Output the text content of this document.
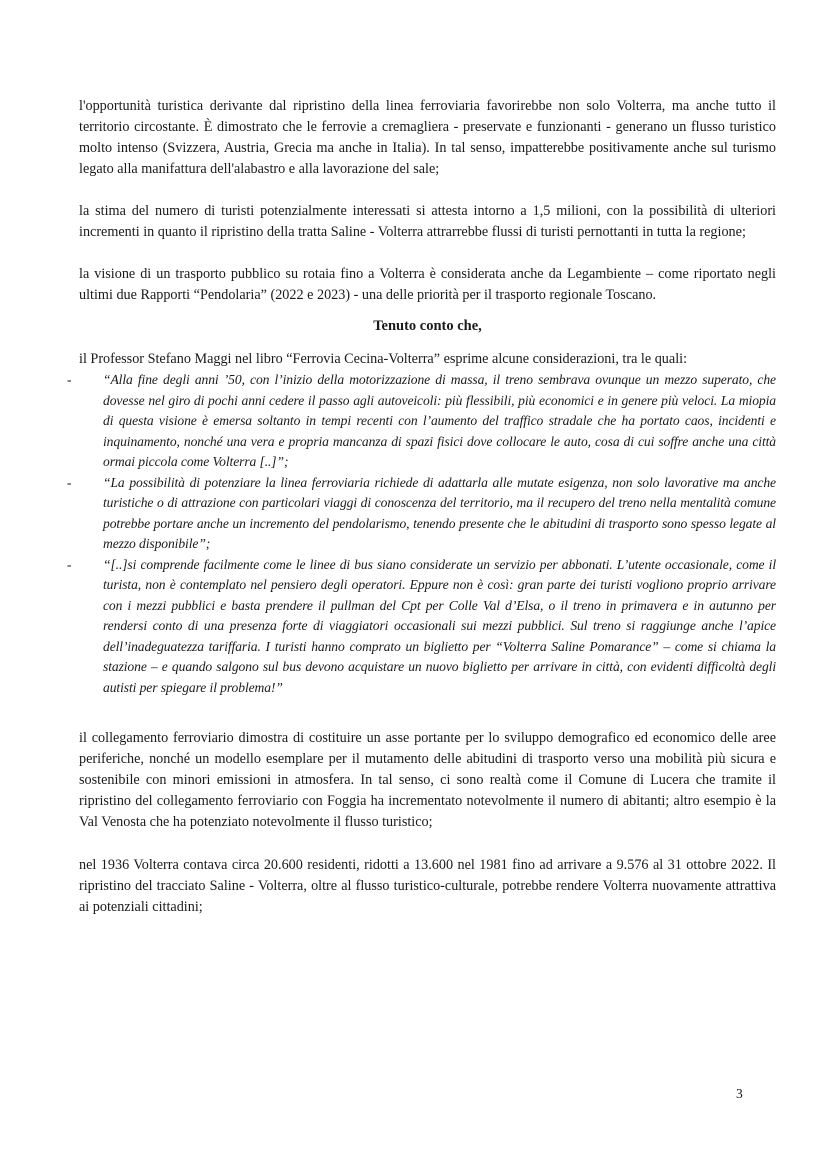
l'opportunità turistica derivante dal ripristino della linea ferroviaria favorirebbe non solo Volterra, ma anche tutto il territorio circostante. È dimostrato che le ferrovie a cremagliera - preservate e funzionanti - generano un flusso turistico molto intenso (Svizzera, Austria, Grecia ma anche in Italia). In tal senso, impatterebbe positivamente anche sul turismo legato alla manifattura dell'alabastro e alla lavorazione del sale;

la stima del numero di turisti potenzialmente interessati si attesta intorno a 1,5 milioni, con la possibilità di ulteriori incrementi in quanto il ripristino della tratta Saline - Volterra attrarrebbe flussi di turisti pernottanti in tutta la regione;

la visione di un trasporto pubblico su rotaia fino a Volterra è considerata anche da Legambiente – come riportato negli ultimi due Rapporti “Pendolaria” (2022 e 2023) - una delle priorità per il trasporto regionale Toscano.

Tenuto conto che,

il Professor Stefano Maggi nel libro “Ferrovia Cecina-Volterra” esprime alcune considerazioni, tra le quali:

- “Alla fine degli anni ’50, con l’inizio della motorizzazione di massa, il treno sembrava ovunque un mezzo superato, che dovesse nel giro di pochi anni cedere il passo agli autoveicoli: più flessibili, più economici e in genere più veloci. La miopia di questa visione è emersa soltanto in tempi recenti con l’aumento del traffico stradale che ha portato caos, incidenti e inquinamento, nonché una vera e propria mancanza di spazi fisici dove collocare le auto, cosa di cui soffre anche una città ormai piccola come Volterra [..]”;
- “La possibilità di potenziare la linea ferroviaria richiede di adattarla alle mutate esigenza, non solo lavorative ma anche turistiche o di attrazione con particolari viaggi di conoscenza del territorio, ma il recupero del treno nella mentalità comune potrebbe portare anche un incremento del pendolarismo, tenendo presente che le abitudini di trasporto sono spesso legate al mezzo disponibile”;
- “[..]si comprende facilmente come le linee di bus siano considerate un servizio per abbonati. L’utente occasionale, come il turista, non è contemplato nel pensiero degli operatori. Eppure non è così: gran parte dei turisti vogliono proprio arrivare con i mezzi pubblici e basta prendere il pullman del Cpt per Colle Val d’Elsa, o il treno in primavera e in autunno per rendersi conto di una presenza forte di viaggiatori occasionali sui mezzi pubblici. Sul treno si raggiunge anche l’apice dell’inadeguatezza tariffaria. I turisti hanno comprato un biglietto per “Volterra Saline Pomarance” – come si chiama la stazione – e quando salgono sul bus devono acquistare un nuovo biglietto per arrivare in città, con evidenti difficoltà degli autisti per spiegare il problema!”

il collegamento ferroviario dimostra di costituire un asse portante per lo sviluppo demografico ed economico delle aree periferiche, nonché un modello esemplare per il mutamento delle abitudini di trasporto verso una mobilità più sicura e sostenibile con minori emissioni in atmosfera. In tal senso, ci sono realtà come il Comune di Lucera che tramite il ripristino del collegamento ferroviario con Foggia ha incrementato notevolmente il numero di abitanti; altro esempio è la Val Venosta che ha potenziato notevolmente il flusso turistico;

nel 1936 Volterra contava circa 20.600 residenti, ridotti a 13.600 nel 1981 fino ad arrivare a 9.576 al 31 ottobre 2022. Il ripristino del tracciato Saline - Volterra, oltre al flusso turistico-culturale, potrebbe rendere Volterra nuovamente attrattiva ai potenziali cittadini;

3
